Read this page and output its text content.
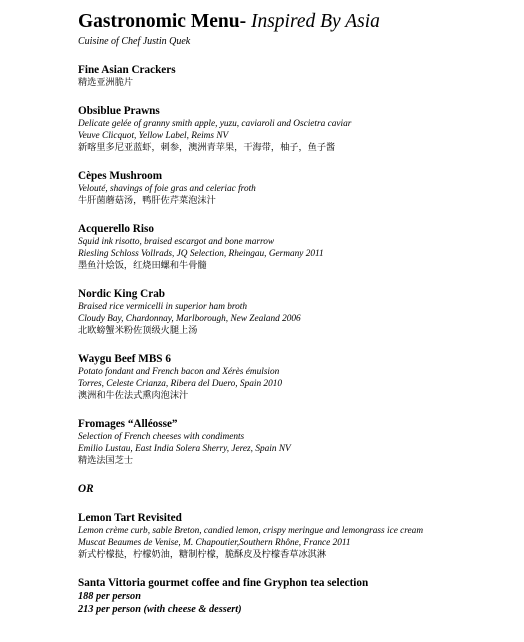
Gastronomic Menu- Inspired By Asia
Cuisine of Chef Justin Quek
Fine Asian Crackers
精选亚洲脆片
Obsiblue Prawns
Delicate gelée of granny smith apple, yuzu, caviaroli and Oscietra caviar
Veuve Clicquot, Yellow Label, Reims NV
新喀里多尼亚蓝虾，刺参，澳洲青苹果，干海带，柚子，鱼子酱
Cèpes Mushroom
Velouté, shavings of foie gras and celeriac froth
牛肝菌蘑菇汤，鸭肝佐芹菜泡沫汁
Acquerello Riso
Squid ink risotto, braised escargot and bone marrow
Riesling Schloss Vollrads, JQ Selection, Rheingau, Germany 2011
墨鱼汁烩饭，红烧田螺和牛骨髓
Nordic King Crab
Braised rice vermicelli in superior ham broth
Cloudy Bay, Chardonnay, Marlborough, New Zealand 2006
北欧螃蟹米粉佐顶级火腿上汤
Waygu Beef MBS 6
Potato fondant and French bacon and Xérès émulsion
Torres, Celeste Crianza, Ribera del Duero, Spain 2010
澳洲和牛佐法式熏肉泡沫汁
Fromages “Alléosse”
Selection of French cheeses with condiments
Emilio Lustau, East India Solera Sherry, Jerez, Spain NV
精选法国芝士
OR
Lemon Tart Revisited
Lemon crème curb, sable Breton, candied lemon, crispy meringue and lemongrass ice cream
Muscat Beaumes de Venise, M. Chapoutier,Southern Rhône, France 2011
新式柠檬挞，柠檬奶油，糖制柠檬，脆酥皮及柠檬香草冰淇淋
Santa Vittoria gourmet coffee and fine Gryphon tea selection
188 per person
213 per person (with cheese & dessert)
